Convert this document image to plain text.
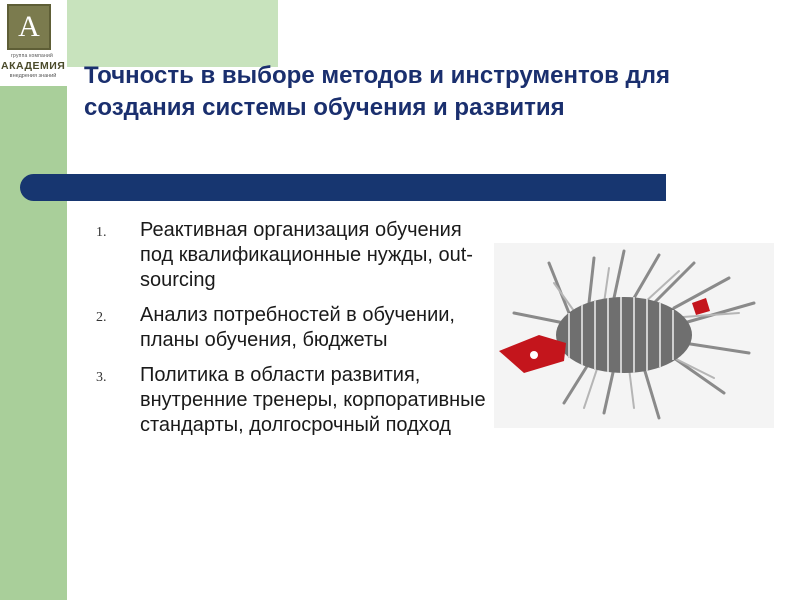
A
группа компаний
АКАДЕМИЯ
внедрения знаний	Точность в выборе методов и инструментов для создания системы обучения и развития
1. Реактивная организация обучения под квалификационные нужды, out-sourcing
2. Анализ потребностей в обучении, планы обучения, бюджеты
3. Политика в области развития, внутренние тренеры, корпоративные стандарты, долгосрочный подход
